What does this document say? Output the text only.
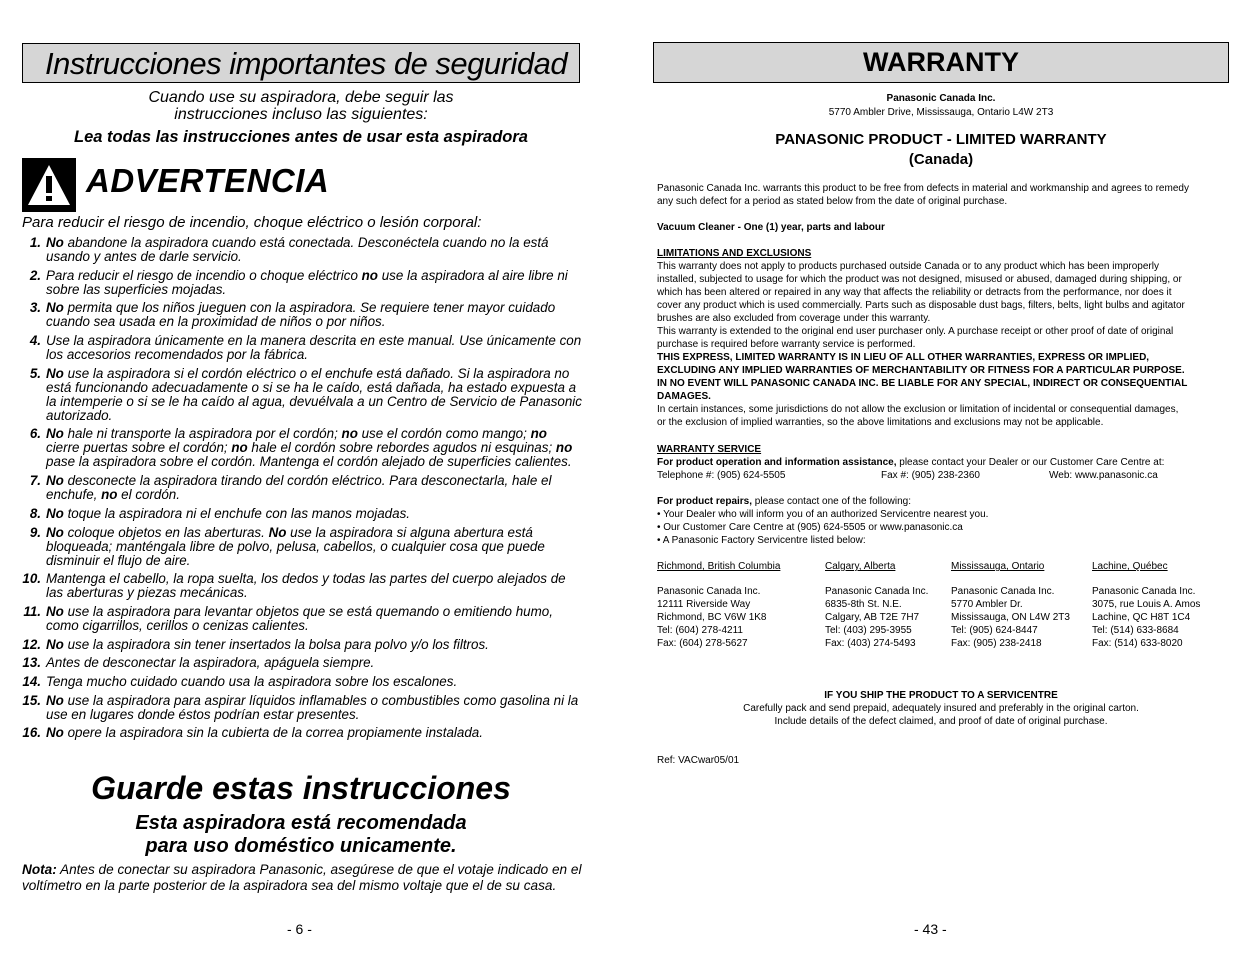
Instrucciones importantes de seguridad
Cuando use su aspiradora, debe seguir las
instrucciones incluso las siguientes:
Lea todas las instrucciones antes de usar esta aspiradora
ADVERTENCIA
Para reducir el riesgo de incendio, choque eléctrico o lesión corporal:
1. No abandone la aspiradora cuando está conectada. Desconéctela cuando no la está usando y antes de darle servicio.
2. Para reducir el riesgo de incendio o choque eléctrico no use la aspiradora al aire libre ni sobre las superficies mojadas.
3. No permita que los niños jueguen con la aspiradora. Se requiere tener mayor cuidado cuando sea usada en la proximidad de niños o por niños.
4. Use la aspiradora únicamente en la manera descrita en este manual. Use únicamente con los accesorios recomendados por la fábrica.
5. No use la aspiradora si el cordón eléctrico o el enchufe está dañado. Si la aspiradora no está funcionando adecuadamente o si se ha le caído, está dañada, ha estado expuesta a la intemperie o si se le ha caído al agua, devuélvala a un Centro de Servicio de Panasonic autorizado.
6. No hale ni transporte la aspiradora por el cordón; no use el cordón como mango; no cierre puertas sobre el cordón; no hale el cordón sobre rebordes agudos ni esquinas; no pase la aspiradora sobre el cordón. Mantenga el cordón alejado de superficies calientes.
7. No desconecte la aspiradora tirando del cordón eléctrico. Para desconectarla, hale el enchufe, no el cordón.
8. No toque la aspiradora ni el enchufe con las manos mojadas.
9. No coloque objetos en las aberturas. No use la aspiradora si alguna abertura está bloqueada; manténgala libre de polvo, pelusa, cabellos, o cualquier cosa que puede disminuir el flujo de aire.
10. Mantenga el cabello, la ropa suelta, los dedos y todas las partes del cuerpo alejados de las aberturas y piezas mecánicas.
11. No use la aspiradora para levantar objetos que se está quemando o emitiendo humo, como cigarrillos, cerillos o cenizas calientes.
12. No use la aspiradora sin tener insertados la bolsa para polvo y/o los filtros.
13. Antes de desconectar la aspiradora, apáguela siempre.
14. Tenga mucho cuidado cuando usa la aspiradora sobre los escalones.
15. No use la aspiradora para aspirar líquidos inflamables o combustibles como gasolina ni la use en lugares donde éstos podrían estar presentes.
16. No opere la aspiradora sin la cubierta de la correa propiamente instalada.
Guarde estas instrucciones
Esta aspiradora está recomendada
para uso doméstico unicamente.
Nota: Antes de conectar su aspiradora Panasonic, asegúrese de que el votaje indicado en el voltímetro en la parte posterior de la aspiradora sea del mismo voltaje que el de su casa.
- 6 -
WARRANTY
Panasonic Canada Inc.
5770 Ambler Drive, Mississauga, Ontario L4W 2T3
PANASONIC PRODUCT - LIMITED WARRANTY
(Canada)
Panasonic Canada Inc. warrants this product to be free from defects in material and workmanship and agrees to remedy
any such defect for a period as stated below from the date of original purchase.
Vacuum Cleaner - One (1) year, parts and labour
LIMITATIONS AND EXCLUSIONS
This warranty does not apply to products purchased outside Canada or to any product which has been improperly
installed, subjected to usage for which the product was not designed, misused or abused, damaged during shipping, or
which has been altered or repaired in any way that affects the reliability or detracts from the performance, nor does it
cover any product which is used commercially. Parts such as disposable dust bags, filters, belts, light bulbs and agitator
brushes are also excluded from coverage under this warranty.
This warranty is extended to the original end user purchaser only. A purchase receipt or other proof of date of original
purchase is required before warranty service is performed.
THIS EXPRESS, LIMITED WARRANTY IS IN LIEU OF ALL OTHER WARRANTIES, EXPRESS OR IMPLIED,
EXCLUDING ANY IMPLIED WARRANTIES OF MERCHANTABILITY OR FITNESS FOR A PARTICULAR PURPOSE.
IN NO EVENT WILL PANASONIC CANADA INC. BE LIABLE FOR ANY SPECIAL, INDIRECT OR CONSEQUENTIAL
DAMAGES.
In certain instances, some jurisdictions do not allow the exclusion or limitation of incidental or consequential damages,
or the exclusion of implied warranties, so the above limitations and exclusions may not be applicable.
WARRANTY SERVICE
For product operation and information assistance, please contact your Dealer or our Customer Care Centre at:
Telephone #: (905) 624-5505	Fax #: (905) 238-2360	Web: www.panasonic.ca
For product repairs, please contact one of the following:
• Your Dealer who will inform you of an authorized Servicentre nearest you.
• Our Customer Care Centre at (905) 624-5505 or www.panasonic.ca
• A Panasonic Factory Servicentre listed below:
Richmond, British Columbia
Panasonic Canada Inc.
12111 Riverside Way
Richmond, BC V6W 1K8
Tel: (604) 278-4211
Fax: (604) 278-5627
Calgary, Alberta
Panasonic Canada Inc.
6835-8th St. N.E.
Calgary, AB T2E 7H7
Tel: (403) 295-3955
Fax: (403) 274-5493
Mississauga, Ontario
Panasonic Canada Inc.
5770 Ambler Dr.
Mississauga, ON L4W 2T3
Tel: (905) 624-8447
Fax: (905) 238-2418
Lachine, Québec
Panasonic Canada Inc.
3075, rue Louis A. Amos
Lachine, QC H8T 1C4
Tel: (514) 633-8684
Fax: (514) 633-8020
IF YOU SHIP THE PRODUCT TO A SERVICENTRE
Carefully pack and send prepaid, adequately insured and preferably in the original carton.
Include details of the defect claimed, and proof of date of original purchase.
Ref: VACwar05/01
- 43 -
